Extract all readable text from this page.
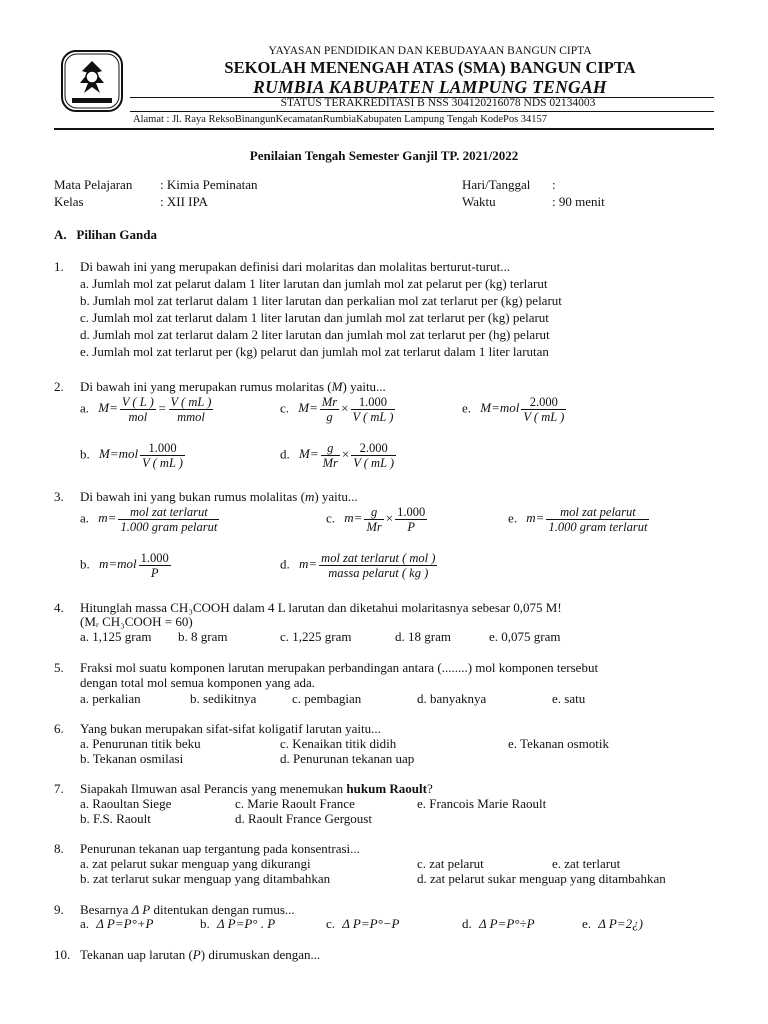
YAYASAN PENDIDIKAN DAN KEBUDAYAAN BANGUN CIPTA
SEKOLAH MENENGAH ATAS (SMA) BANGUN CIPTA
RUMBIA KABUPATEN LAMPUNG TENGAH
STATUS TERAKREDITASI B NSS 304120216078 NDS 02134003
Alamat : Jl. Raya ReksoBinangunKecamatanRumbiaKabupaten Lampung Tengah KodePos 34157
Penilaian Tengah Semester Ganjil TP. 2021/2022
Mata Pelajaran : Kimia Peminatan	Hari/Tanggal :
Kelas	: XII IPA	Waktu	: 90 menit
A.   Pilihan Ganda
1. Di bawah ini yang merupakan definisi dari molaritas dan molalitas berturut-turut...
a. Jumlah mol zat pelarut dalam 1 liter larutan dan jumlah mol zat pelarut per (kg) terlarut
b. Jumlah mol zat terlarut dalam 1 liter larutan dan perkalian mol zat terlarut per (kg) pelarut
c. Jumlah mol zat terlarut dalam 1 liter larutan dan jumlah mol zat terlarut per (kg) pelarut
d. Jumlah mol zat terlarut dalam 2 liter larutan dan jumlah mol zat terlarut per (hg) pelarut
e. Jumlah mol zat terlarut per (kg) pelarut dan jumlah mol zat terlarut dalam 1 liter larutan
2. Di bawah ini yang merupakan rumus molaritas (M) yaitu...
a. $M= \frac{V ( L )}{\text{mol}} = \frac{V ( mL )}{\text{mmol}}$	c. $M= \frac{Mr}{g} \times \frac{1.000}{V ( mL )}$	e. $M=mol \frac{2.000}{V ( mL )}$
b. $M=mol \frac{1.000}{V ( mL )}$	d. $M= \frac{g}{Mr} \times \frac{2.000}{V ( mL )}$
3. Di bawah ini yang bukan rumus molalitas (m) yaitu...
a. $m= \frac{\text{mol zat terlarut}}{\text{1.000 gram pelarut}}$	c. $m= \frac{g}{Mr} \times \frac{1.000}{P}$	e. $m= \frac{\text{mol zat pelarut}}{\text{1.000 gram terlarut}}$
b. $m=mol \frac{1.000}{P}$	d. $m= \frac{\text{mol zat terlarut ( mol )}}{\text{massa pelarut ( kg )}}$
4. Hitunglah massa CH₃COOH dalam 4 L larutan dan diketahui molaritasnya sebesar 0,075 M!
(Mᵣ CH₃COOH = 60)
a. 1,125 gram b. 8 gram	c. 1,225 gram	d. 18 gram	e. 0,075 gram
5. Fraksi mol suatu komponen larutan merupakan perbandingan antara (........) mol komponen tersebut
dengan total mol semua komponen yang ada.
a. perkalian	b. sedikitnya	c. pembagian	d. banyaknya	e. satu
6. Yang bukan merupakan sifat-sifat koligatif larutan yaitu...
a. Penurunan titik beku	c. Kenaikan titik didih	e. Tekanan osmotik
b. Tekanan osmilasi	d. Penurunan tekanan uap
7. Siapakah Ilmuwan asal Perancis yang menemukan hukum Raoult?
a. Raoultan Siege	c. Marie Raoult France	e. Francois Marie Raoult
b. F.S. Raoult	d. Raoult France Gergoust
8. Penurunan tekanan uap tergantung pada konsentrasi...
a. zat pelarut sukar menguap yang dikurangi	c. zat pelarut	e. zat terlarut
b. zat terlarut sukar menguap yang ditambahkan	d. zat pelarut sukar menguap yang ditambahkan
9. Besarnya Δ P ditentukan dengan rumus...
a. Δ P=P°+P	b. Δ P=P° . P	c. Δ P=P°−P	d. Δ P=P°÷P	e. Δ P=2¿)
10. Tekanan uap larutan (P) dirumuskan dengan...
